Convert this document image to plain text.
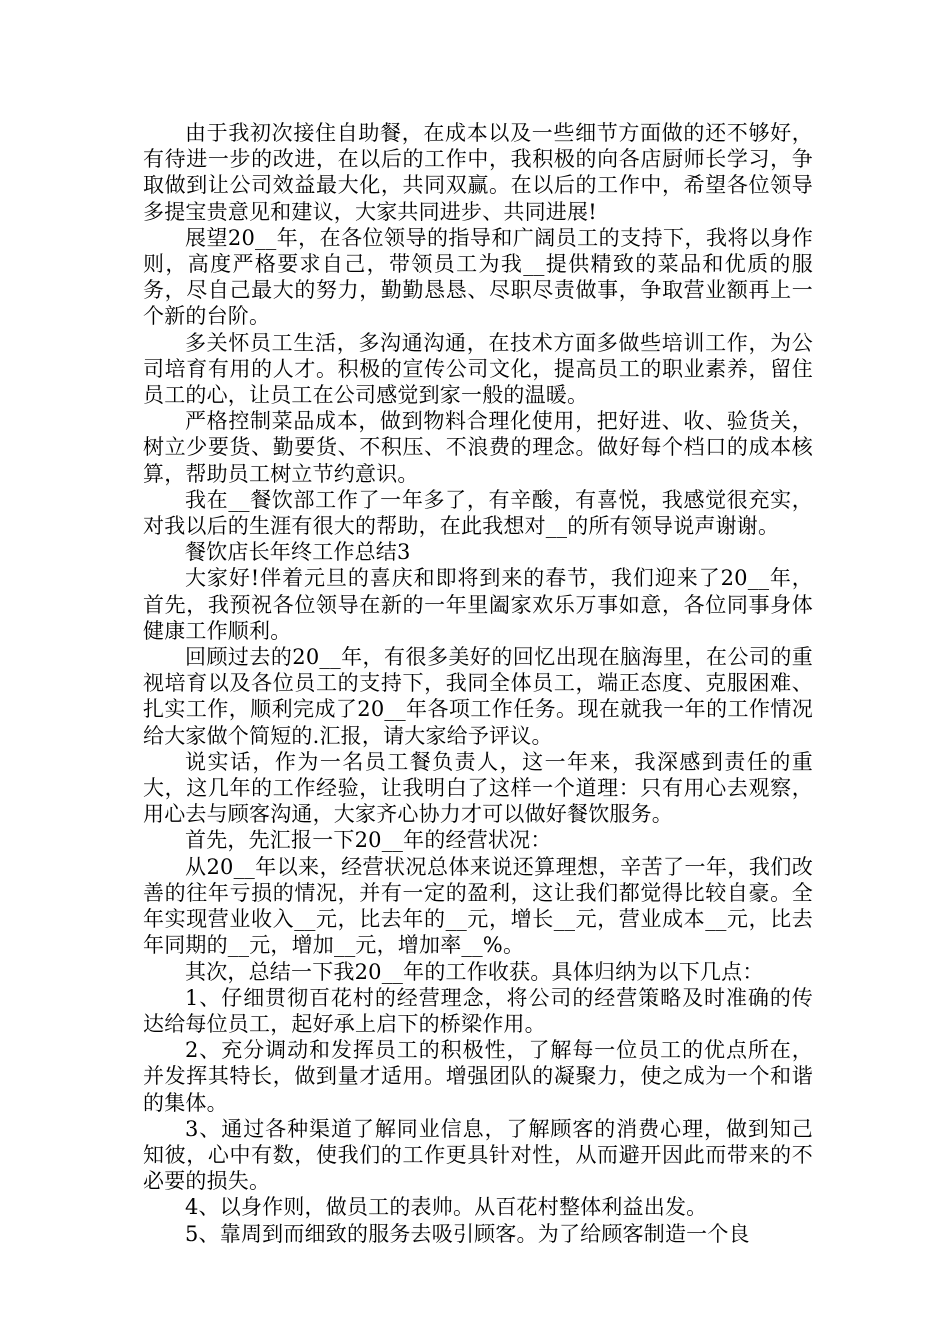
由于我初次接住自助餐，在成本以及一些细节方面做的还不够好，有待进一步的改进，在以后的工作中，我积极的向各店厨师长学习，争取做到让公司效益最大化，共同双赢。在以后的工作中，希望各位领导多提宝贵意见和建议，大家共同进步、共同进展!

展望20__年，在各位领导的指导和广阔员工的支持下，我将以身作则，高度严格要求自己，带领员工为我__提供精致的菜品和优质的服务，尽自己最大的努力，勤勤恳恳、尽职尽责做事，争取营业额再上一个新的台阶。

多关怀员工生活，多沟通沟通，在技术方面多做些培训工作，为公司培育有用的人才。积极的宣传公司文化，提高员工的职业素养，留住员工的心，让员工在公司感觉到家一般的温暖。

严格控制菜品成本，做到物料合理化使用，把好进、收、验货关，树立少要货、勤要货、不积压、不浪费的理念。做好每个档口的成本核算，帮助员工树立节约意识。

我在__餐饮部工作了一年多了，有辛酸，有喜悦，我感觉很充实，对我以后的生涯有很大的帮助，在此我想对__的所有领导说声谢谢。

餐饮店长年终工作总结3

大家好!伴着元旦的喜庆和即将到来的春节，我们迎来了20__年，首先，我预祝各位领导在新的一年里阖家欢乐万事如意，各位同事身体健康工作顺利。

回顾过去的20__年，有很多美好的回忆出现在脑海里，在公司的重视培育以及各位员工的支持下，我同全体员工，端正态度、克服困难、扎实工作，顺利完成了20__年各项工作任务。现在就我一年的工作情况给大家做个简短的.汇报，请大家给予评议。

说实话，作为一名员工餐负责人，这一年来，我深感到责任的重大，这几年的工作经验，让我明白了这样一个道理：只有用心去观察，用心去与顾客沟通，大家齐心协力才可以做好餐饮服务。

首先，先汇报一下20__年的经营状况：

从20__年以来，经营状况总体来说还算理想，辛苦了一年，我们改善的往年亏损的情况，并有一定的盈利，这让我们都觉得比较自豪。全年实现营业收入__元，比去年的__元，增长__元，营业成本__元，比去年同期的__元，增加__元，增加率__%。

其次，总结一下我20__年的工作收获。具体归纳为以下几点：

1、仔细贯彻百花村的经营理念，将公司的经营策略及时准确的传达给每位员工，起好承上启下的桥梁作用。

2、充分调动和发挥员工的积极性，了解每一位员工的优点所在，并发挥其特长，做到量才适用。增强团队的凝聚力，使之成为一个和谐的集体。

3、通过各种渠道了解同业信息，了解顾客的消费心理，做到知己知彼，心中有数，使我们的工作更具针对性，从而避开因此而带来的不必要的损失。

4、以身作则，做员工的表帅。从百花村整体利益出发。

5、靠周到而细致的服务去吸引顾客。为了给顾客制造一个良
